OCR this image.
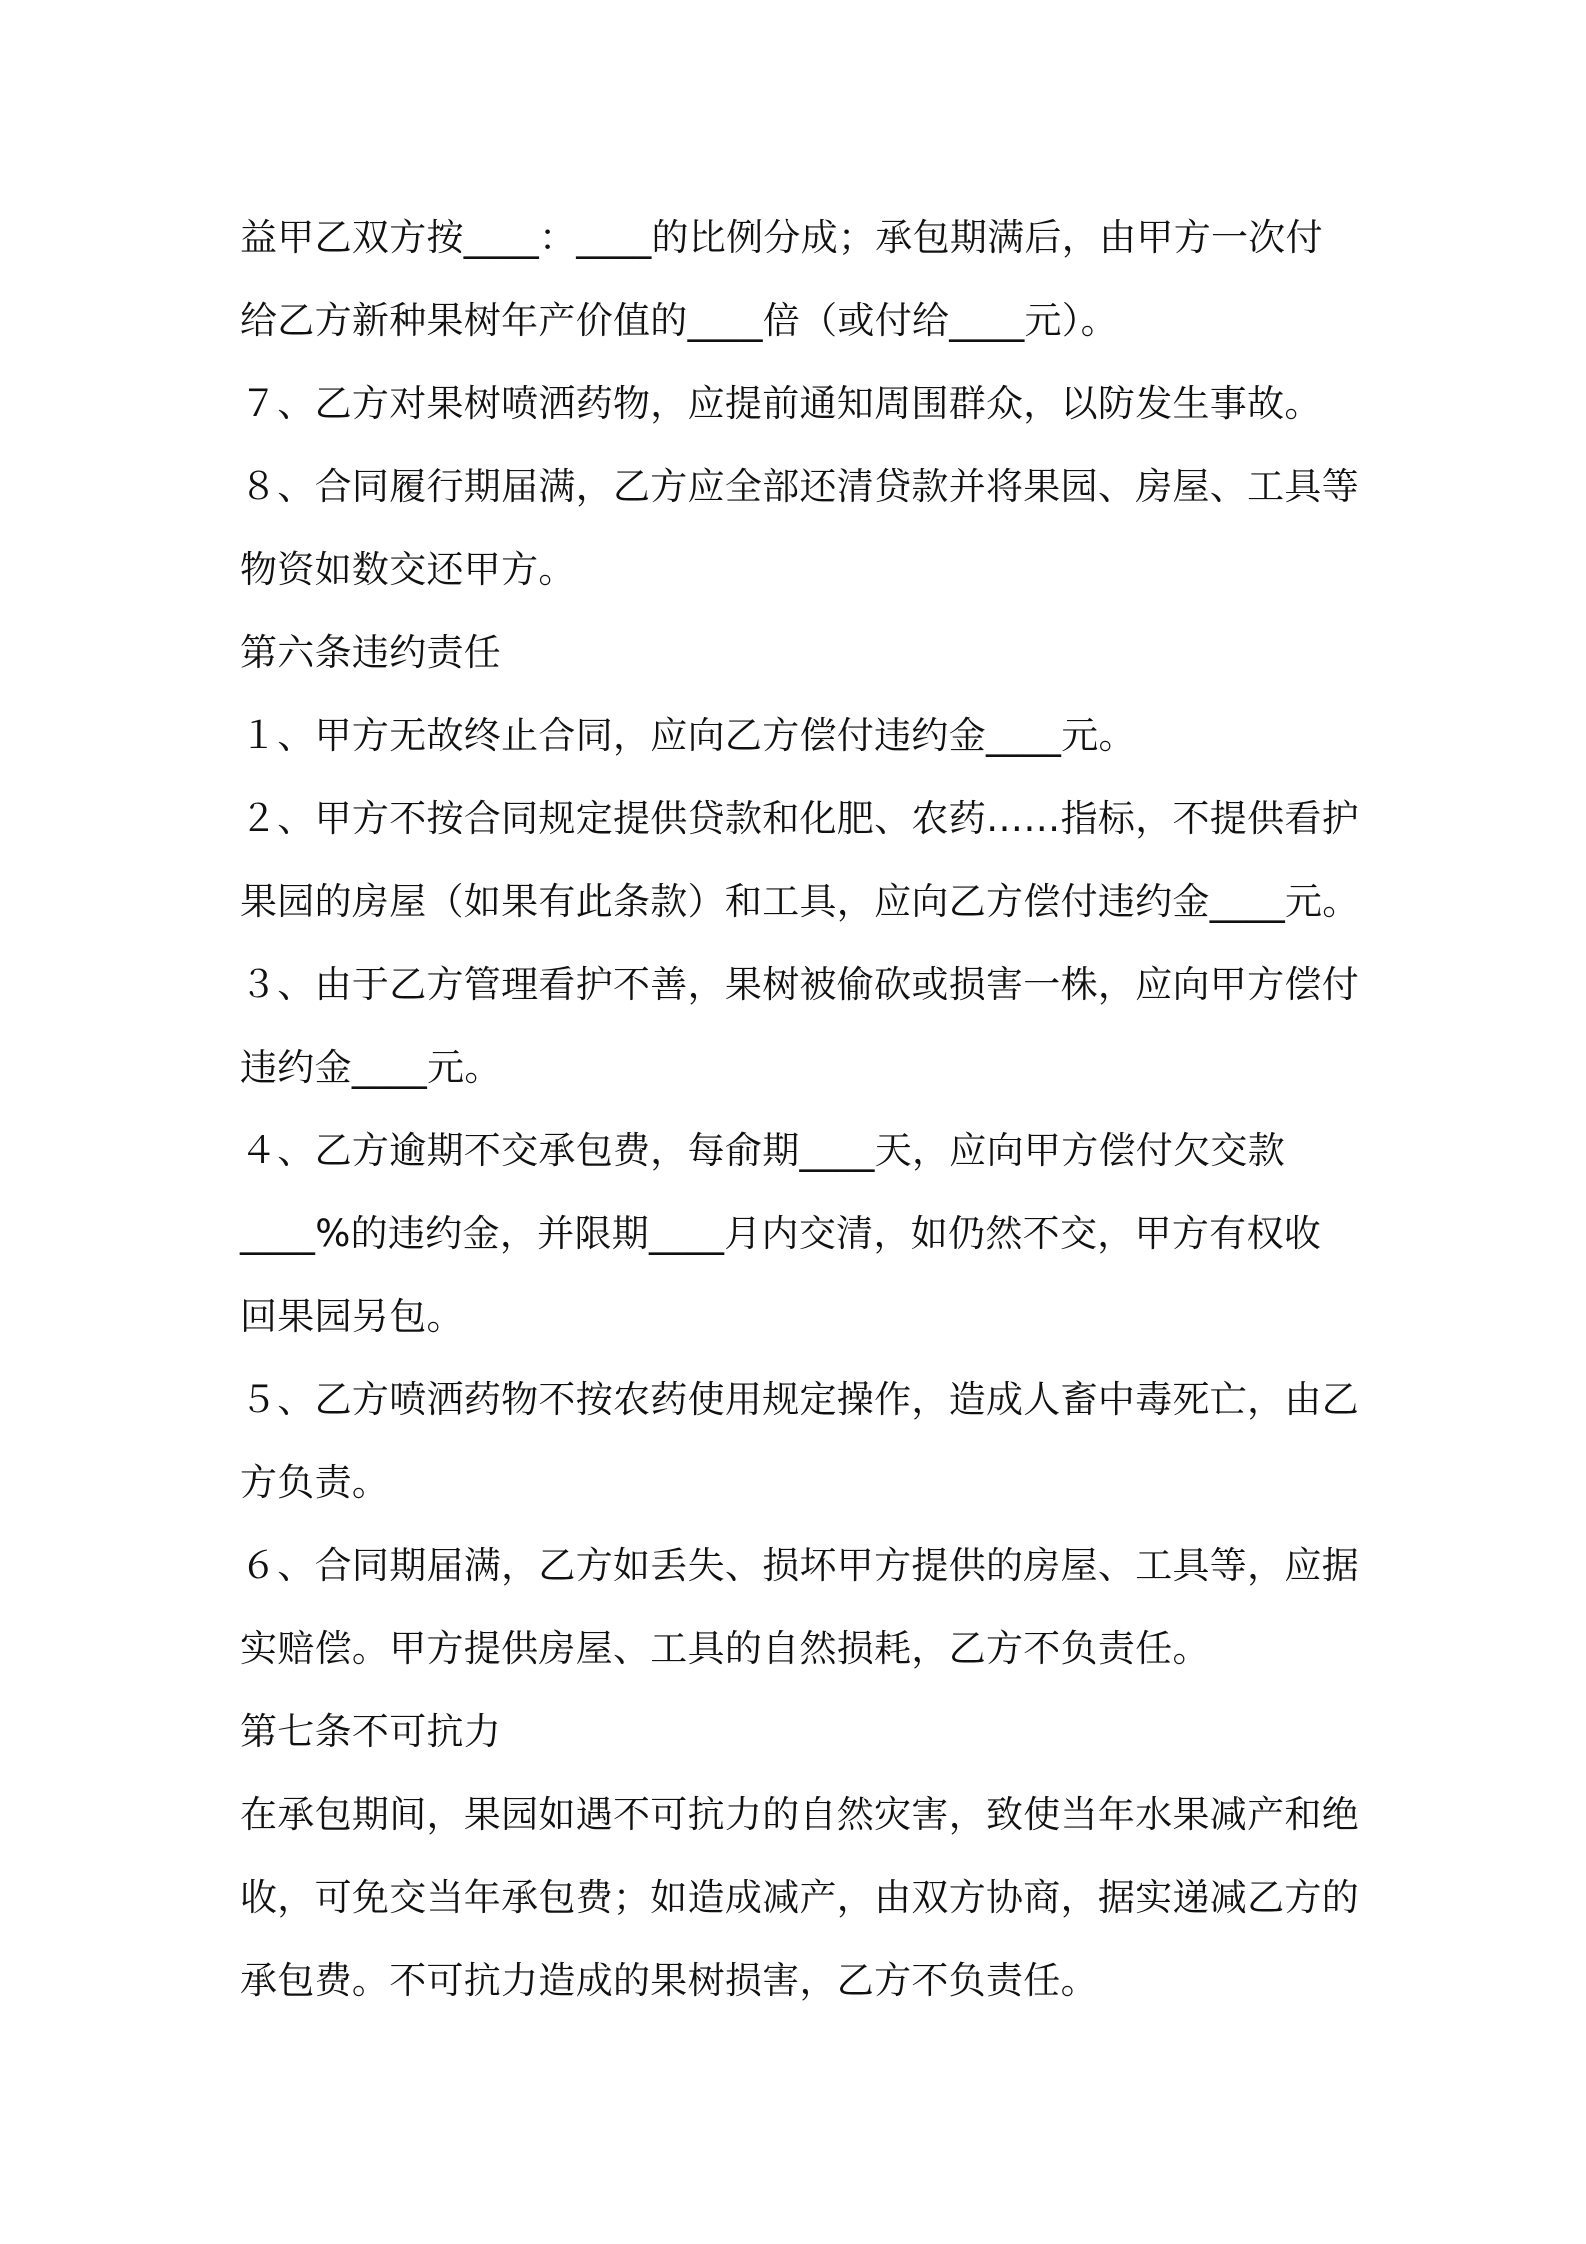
益甲乙双方按____：____的比例分成；承包期满后，由甲方一次付
给乙方新种果树年产价值的____倍（或付给____元）。
７、乙方对果树喷洒药物，应提前通知周围群众，以防发生事故。
８、合同履行期届满，乙方应全部还清贷款并将果园、房屋、工具等
物资如数交还甲方。
第六条违约责任
１、甲方无故终止合同，应向乙方偿付违约金____元。
２、甲方不按合同规定提供贷款和化肥、农药……指标，不提供看护
果园的房屋（如果有此条款）和工具，应向乙方偿付违约金____元。
３、由于乙方管理看护不善，果树被偷砍或损害一株，应向甲方偿付
违约金____元。
４、乙方逾期不交承包费，每俞期____天，应向甲方偿付欠交款
____%的违约金，并限期____月内交清，如仍然不交，甲方有权收
回果园另包。
５、乙方喷洒药物不按农药使用规定操作，造成人畜中毒死亡，由乙
方负责。
６、合同期届满，乙方如丢失、损坏甲方提供的房屋、工具等，应据
实赔偿。甲方提供房屋、工具的自然损耗，乙方不负责任。
第七条不可抗力
在承包期间，果园如遇不可抗力的自然灾害，致使当年水果减产和绝
收，可免交当年承包费；如造成减产，由双方协商，据实递减乙方的
承包费。不可抗力造成的果树损害，乙方不负责任。
